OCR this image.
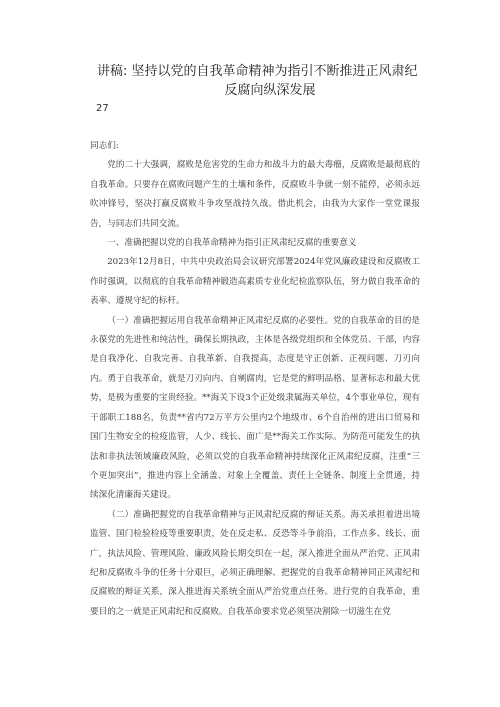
讲稿: 坚持以党的自我革命精神为指引不断推进正风肃纪
反腐向纵深发展
27

同志们:

党的二十大强调，腐败是危害党的生命力和战斗力的最大毒瘤，反腐败是最彻底的自我革命。只要存在腐败问题产生的土壤和条件，反腐败斗争就一刻不能停，必须永远吹冲锋号，坚决打赢反腐败斗争攻坚战持久战。借此机会，由我为大家作一堂党课报告，与同志们共同交流。

一、准确把握以党的自我革命精神为指引正风肃纪反腐的重要意义

2023年12月8日，中共中央政治局会议研究部署2024年党风廉政建设和反腐败工作时强调，以彻底的自我革命精神锻造高素质专业化纪检监察队伍，努力做自我革命的表率、遵规守纪的标杆。

（一）准确把握运用自我革命精神正风肃纪反腐的必要性。党的自我革命的目的是永葆党的先进性和纯洁性，确保长期执政，主体是各级党组织和全体党员、干部，内容是自我净化、自我完善、自我革新、自我提高，态度是守正创新、正视问题、刀刃向内。勇于自我革命，就是刀刃向内、自剜腐肉，它是党的鲜明品格、显著标志和最大优势，是极为重要的宝贵经验。**海关下设3个正处级隶属海关单位，4个事业单位，现有干部职工188名，负责**省内72万平方公里内2个地级市、6个自治州的进出口贸易和国门生物安全的检疫监管，人少、线长、面广是**海关工作实际。为防范可能发生的执法和非执法领域廉政风险，必须以党的自我革命精神持续深化正风肃纪反腐，注重“三个更加突出”，推进内容上全涵盖、对象上全覆盖、责任上全链条、制度上全贯通，持续深化清廉海关建设。

（二）准确把握党的自我革命精神与正风肃纪反腐的辩证关系。海关承担着进出境监管、国门检验检疫等重要职责，处在反走私、反恐等斗争前沿，工作点多、线长、面广，执法风险、管理风险、廉政风险长期交织在一起，深入推进全面从严治党、正风肃纪和反腐败斗争的任务十分艰巨，必须正确理解、把握党的自我革命精神同正风肃纪和反腐败的辩证关系，深入推进海关系统全面从严治党重点任务。进行党的自我革命，重要目的之一就是正风肃纪和反腐败。自我革命要求党必须坚决割除一切滋生在党
